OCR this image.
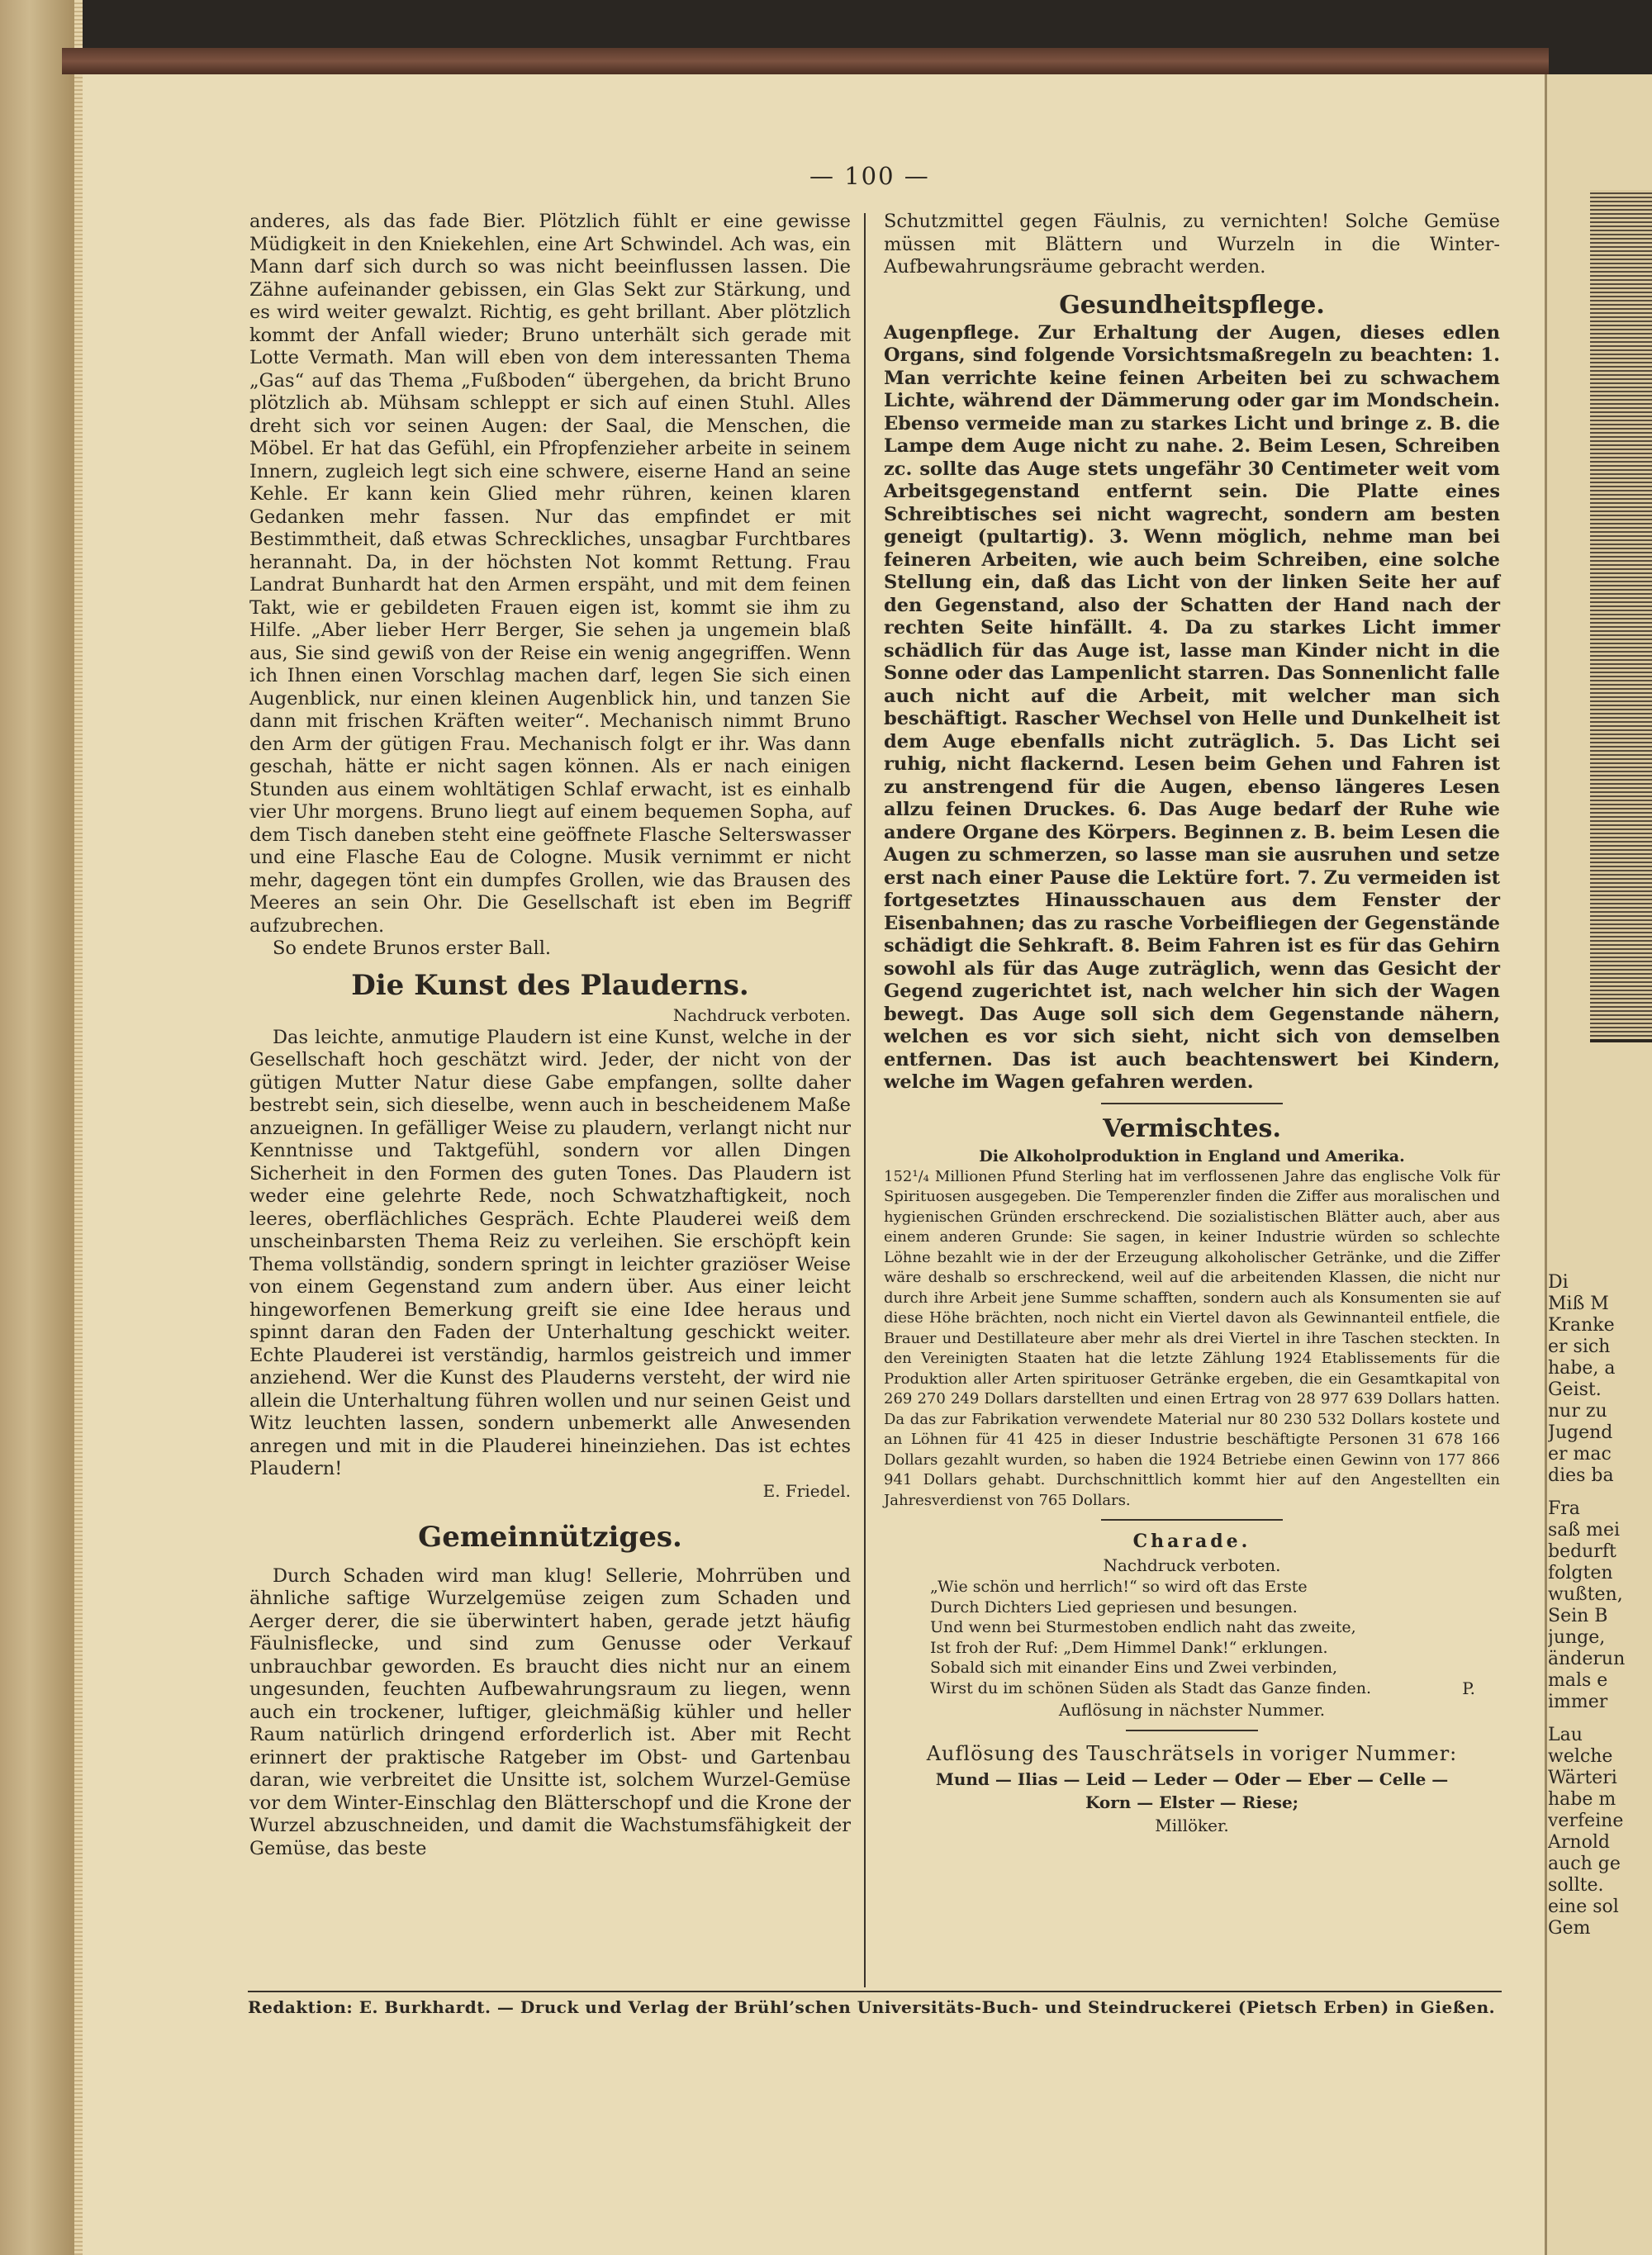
— 100 —

anderes, als das fade Bier. Plötzlich fühlt er eine gewisse Müdigkeit in den Kniekehlen, eine Art Schwindel. Ach was, ein Mann darf sich durch so was nicht beeinflussen lassen. Die Zähne aufeinander gebissen, ein Glas Sekt zur Stärkung, und es wird weiter gewalzt. Richtig, es geht brillant. Aber plötzlich kommt der Anfall wieder; Bruno unterhält sich gerade mit Lotte Vermath. Man will eben von dem interessanten Thema „Gas“ auf das Thema „Fußboden“ übergehen, da bricht Bruno plötzlich ab. Mühsam schleppt er sich auf einen Stuhl. Alles dreht sich vor seinen Augen: der Saal, die Menschen, die Möbel. Er hat das Gefühl, ein Pfropfenzieher arbeite in seinem Innern, zugleich legt sich eine schwere, eiserne Hand an seine Kehle. Er kann kein Glied mehr rühren, keinen klaren Gedanken mehr fassen. Nur das empfindet er mit Bestimmtheit, daß etwas Schreckliches, unsagbar Furchtbares herannaht. Da, in der höchsten Not kommt Rettung. Frau Landrat Bunhardt hat den Armen erspäht, und mit dem feinen Takt, wie er gebildeten Frauen eigen ist, kommt sie ihm zu Hilfe. „Aber lieber Herr Berger, Sie sehen ja ungemein blaß aus, Sie sind gewiß von der Reise ein wenig angegriffen. Wenn ich Ihnen einen Vorschlag machen darf, legen Sie sich einen Augenblick, nur einen kleinen Augenblick hin, und tanzen Sie dann mit frischen Kräften weiter“. Mechanisch nimmt Bruno den Arm der gütigen Frau. Mechanisch folgt er ihr. Was dann geschah, hätte er nicht sagen können. Als er nach einigen Stunden aus einem wohltätigen Schlaf erwacht, ist es einhalb vier Uhr morgens. Bruno liegt auf einem bequemen Sopha, auf dem Tisch daneben steht eine geöffnete Flasche Selterswasser und eine Flasche Eau de Cologne. Musik vernimmt er nicht mehr, dagegen tönt ein dumpfes Grollen, wie das Brausen des Meeres an sein Ohr. Die Gesellschaft ist eben im Begriff aufzubrechen.

So endete Brunos erster Ball.

Die Kunst des Plauderns.

Nachdruck verboten.

Das leichte, anmutige Plaudern ist eine Kunst, welche in der Gesellschaft hoch geschätzt wird. Jeder, der nicht von der gütigen Mutter Natur diese Gabe empfangen, sollte daher bestrebt sein, sich dieselbe, wenn auch in bescheidenem Maße anzueignen. In gefälliger Weise zu plaudern, verlangt nicht nur Kenntnisse und Taktgefühl, sondern vor allen Dingen Sicherheit in den Formen des guten Tones. Das Plaudern ist weder eine gelehrte Rede, noch Schwatzhaftigkeit, noch leeres, oberflächliches Gespräch. Echte Plauderei weiß dem unscheinbarsten Thema Reiz zu verleihen. Sie erschöpft kein Thema vollständig, sondern springt in leichter graziöser Weise von einem Gegenstand zum andern über. Aus einer leicht hingeworfenen Bemerkung greift sie eine Idee heraus und spinnt daran den Faden der Unterhaltung geschickt weiter. Echte Plauderei ist verständig, harmlos geistreich und immer anziehend. Wer die Kunst des Plauderns versteht, der wird nie allein die Unterhaltung führen wollen und nur seinen Geist und Witz leuchten lassen, sondern unbemerkt alle Anwesenden anregen und mit in die Plauderei hineinziehen. Das ist echtes Plaudern!

E. Friedel.

Gemeinnütziges.

Durch Schaden wird man klug! Sellerie, Mohrrüben und ähnliche saftige Wurzelgemüse zeigen zum Schaden und Aerger derer, die sie überwintert haben, gerade jetzt häufig Fäulnisflecke, und sind zum Genusse oder Verkauf unbrauchbar geworden. Es braucht dies nicht nur an einem ungesunden, feuchten Aufbewahrungsraum zu liegen, wenn auch ein trockener, luftiger, gleichmäßig kühler und heller Raum natürlich dringend erforderlich ist. Aber mit Recht erinnert der praktische Ratgeber im Obst- und Gartenbau daran, wie verbreitet die Unsitte ist, solchem Wurzel-Gemüse vor dem Winter-Einschlag den Blätterschopf und die Krone der Wurzel abzuschneiden, und damit die Wachstumsfähigkeit der Gemüse, das beste

Schutzmittel gegen Fäulnis, zu vernichten! Solche Gemüse müssen mit Blättern und Wurzeln in die Winter-Aufbewahrungsräume gebracht werden.

Gesundheitspflege.

Augenpflege. Zur Erhaltung der Augen, dieses edlen Organs, sind folgende Vorsichtsmaßregeln zu beachten: 1. Man verrichte keine feinen Arbeiten bei zu schwachem Lichte, während der Dämmerung oder gar im Mondschein. Ebenso vermeide man zu starkes Licht und bringe z. B. die Lampe dem Auge nicht zu nahe. 2. Beim Lesen, Schreiben zc. sollte das Auge stets ungefähr 30 Centimeter weit vom Arbeitsgegenstand entfernt sein. Die Platte eines Schreibtisches sei nicht wagrecht, sondern am besten geneigt (pultartig). 3. Wenn möglich, nehme man bei feineren Arbeiten, wie auch beim Schreiben, eine solche Stellung ein, daß das Licht von der linken Seite her auf den Gegenstand, also der Schatten der Hand nach der rechten Seite hinfällt. 4. Da zu starkes Licht immer schädlich für das Auge ist, lasse man Kinder nicht in die Sonne oder das Lampenlicht starren. Das Sonnenlicht falle auch nicht auf die Arbeit, mit welcher man sich beschäftigt. Rascher Wechsel von Helle und Dunkelheit ist dem Auge ebenfalls nicht zuträglich. 5. Das Licht sei ruhig, nicht flackernd. Lesen beim Gehen und Fahren ist zu anstrengend für die Augen, ebenso längeres Lesen allzu feinen Druckes. 6. Das Auge bedarf der Ruhe wie andere Organe des Körpers. Beginnen z. B. beim Lesen die Augen zu schmerzen, so lasse man sie ausruhen und setze erst nach einer Pause die Lektüre fort. 7. Zu vermeiden ist fortgesetztes Hinausschauen aus dem Fenster der Eisenbahnen; das zu rasche Vorbeifliegen der Gegenstände schädigt die Sehkraft. 8. Beim Fahren ist es für das Gehirn sowohl als für das Auge zuträglich, wenn das Gesicht der Gegend zugerichtet ist, nach welcher hin sich der Wagen bewegt. Das Auge soll sich dem Gegenstande nähern, welchen es vor sich sieht, nicht sich von demselben entfernen. Das ist auch beachtenswert bei Kindern, welche im Wagen gefahren werden.

Vermischtes.

Die Alkoholproduktion in England und Amerika.

152¹/₄ Millionen Pfund Sterling hat im verflossenen Jahre das englische Volk für Spirituosen ausgegeben. Die Temperenzler finden die Ziffer aus moralischen und hygienischen Gründen erschreckend. Die sozialistischen Blätter auch, aber aus einem anderen Grunde: Sie sagen, in keiner Industrie würden so schlechte Löhne bezahlt wie in der der Erzeugung alkoholischer Getränke, und die Ziffer wäre deshalb so erschreckend, weil auf die arbeitenden Klassen, die nicht nur durch ihre Arbeit jene Summe schafften, sondern auch als Konsumenten sie auf diese Höhe brächten, noch nicht ein Viertel davon als Gewinnanteil entfiele, die Brauer und Destillateure aber mehr als drei Viertel in ihre Taschen steckten. In den Vereinigten Staaten hat die letzte Zählung 1924 Etablissements für die Produktion aller Arten spirituoser Getränke ergeben, die ein Gesamtkapital von 269 270 249 Dollars darstellten und einen Ertrag von 28 977 639 Dollars hatten. Da das zur Fabrikation verwendete Material nur 80 230 532 Dollars kostete und an Löhnen für 41 425 in dieser Industrie beschäftigte Personen 31 678 166 Dollars gezahlt wurden, so haben die 1924 Betriebe einen Gewinn von 177 866 941 Dollars gehabt. Durchschnittlich kommt hier auf den Angestellten ein Jahresverdienst von 765 Dollars.

Charade.

Nachdruck verboten.

„Wie schön und herrlich!“ so wird oft das Erste

Durch Dichters Lied gepriesen und besungen.

Und wenn bei Sturmestoben endlich naht das zweite,

Ist froh der Ruf: „Dem Himmel Dank!“ erklungen.

Sobald sich mit einander Eins und Zwei verbinden,

Wirst du im schönen Süden als Stadt das Ganze finden.	P.

Auflösung in nächster Nummer.

Auflösung des Tauschrätsels in voriger Nummer:

Mund — Ilias — Leid — Leder — Oder — Eber — Celle —

Korn — Elster — Riese;

Millöker.

Redaktion: E. Burkhardt. — Druck und Verlag der Brühl’schen Universitäts-Buch- und Steindruckerei (Pietsch Erben) in Gießen.
Di
Miß M
Kranke
er sich
habe, a
Geist.
nur zu
Jugend
er mac
dies ba
Fra
saß mei
bedurft
folgten
wußten,
Sein B
junge,
änderun
mals e
immer
Lau
welche
Wärteri
habe m
verfeine
Arnold
auch ge
sollte.
eine sol
Gem
